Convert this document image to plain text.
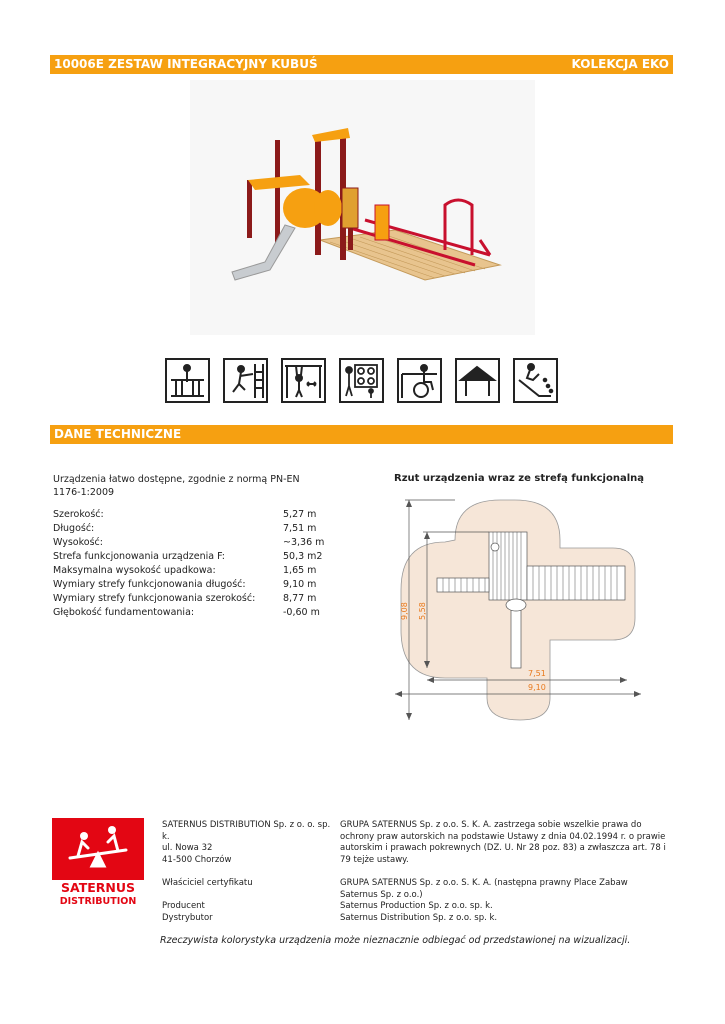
10006E ZESTAW INTEGRACYJNY KUBUŚ	KOLEKCJA EKO
DANE TECHNICZNE
Urządzenia łatwo dostępne, zgodnie z normą PN-EN 1176-1:2009
Szerokość:	5,27 m
Długość:	7,51 m
Wysokość:	~3,36 m
Strefa funkcjonowania urządzenia F:	50,3 m2
Maksymalna wysokość upadkowa:	1,65 m
Wymiary strefy funkcjonowania długość:	9,10 m
Wymiary strefy funkcjonowania szerokość:	8,77 m
Głębokość fundamentowania:	-0,60 m
Rzut urządzenia wraz ze strefą funkcjonalną
9,08 5,58
7,51
9,10
SATERNUS
DISTRIBUTION
SATERNUS DISTRIBUTION Sp. z o. o. sp. k.
ul. Nowa 32
41-500 Chorzów
GRUPA SATERNUS Sp. z o.o. S. K. A. zastrzega sobie wszelkie prawa do ochrony praw autorskich na podstawie Ustawy z dnia 04.02.1994 r. o prawie autorskim i prawach pokrewnych (DZ. U. Nr 28 poz. 83) a zwłaszcza art. 78 i 79 tejże ustawy.
Właściciel certyfikatu	GRUPA SATERNUS Sp. z o.o. S. K. A. (następna prawny Place Zabaw Saternus Sp. z o.o.)
Producent	Saternus Production Sp. z o.o. sp. k.
Dystrybutor	Saternus Distribution Sp. z o.o. sp. k.
Rzeczywista kolorystyka urządzenia może nieznacznie odbiegać od przedstawionej na wizualizacji.
